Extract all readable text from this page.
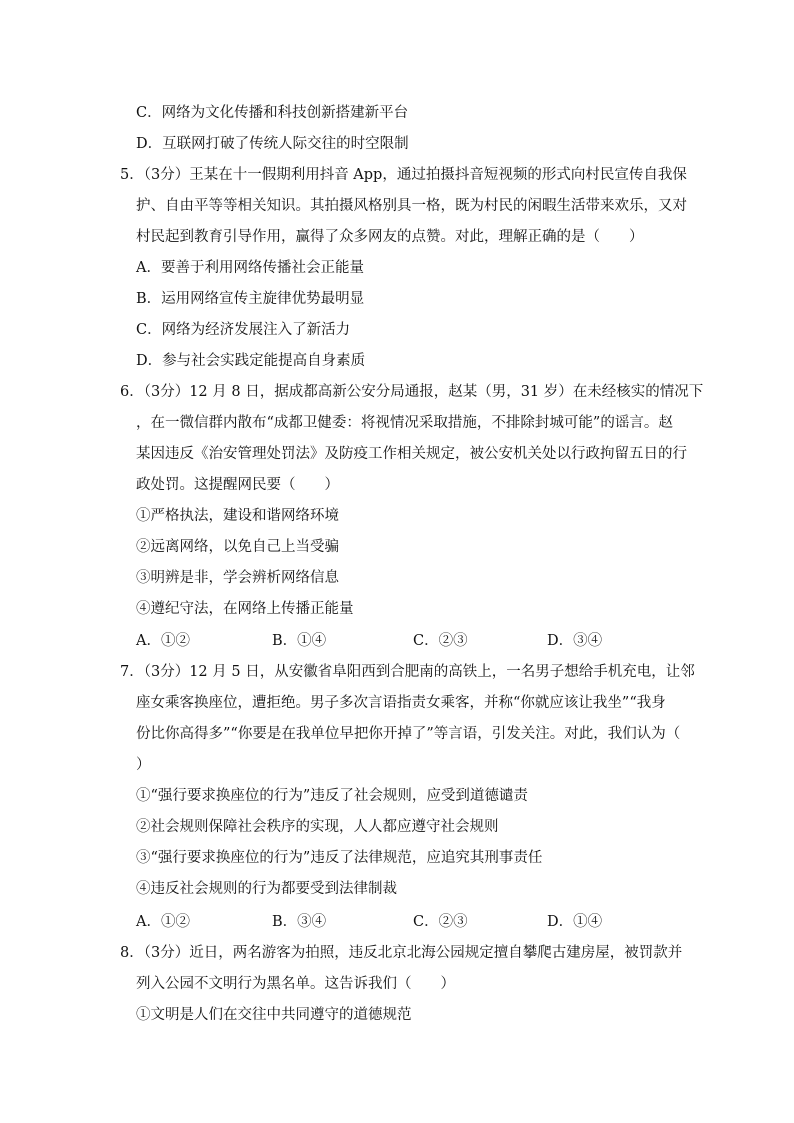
C．网络为文化传播和科技创新搭建新平台
D．互联网打破了传统人际交往的时空限制
5．（3分）王某在十一假期利用抖音 App，通过拍摄抖音短视频的形式向村民宣传自我保
护、自由平等等相关知识。其拍摄风格别具一格，既为村民的闲暇生活带来欢乐，又对
村民起到教育引导作用，赢得了众多网友的点赞。对此，理解正确的是（　　）
A．要善于利用网络传播社会正能量
B．运用网络宣传主旋律优势最明显
C．网络为经济发展注入了新活力
D．参与社会实践定能提高自身素质
6．（3分）12 月 8 日，据成都高新公安分局通报，赵某（男，31 岁）在未经核实的情况下
，在一微信群内散布“成都卫健委：将视情况采取措施，不排除封城可能”的谣言。赵
某因违反《治安管理处罚法》及防疫工作相关规定，被公安机关处以行政拘留五日的行
政处罚。这提醒网民要（　　）
①严格执法，建设和谐网络环境
②远离网络，以免自己上当受骗
③明辨是非，学会辨析网络信息
④遵纪守法，在网络上传播正能量
A．①②	B．①④	C．②③	D．③④
7．（3分）12 月 5 日，从安徽省阜阳西到合肥南的高铁上，一名男子想给手机充电，让邻
座女乘客换座位，遭拒绝。男子多次言语指责女乘客，并称“你就应该让我坐”“我身
份比你高得多”“你要是在我单位早把你开掉了”等言语，引发关注。对此，我们认为（
）
①“强行要求换座位的行为”违反了社会规则，应受到道德谴责
②社会规则保障社会秩序的实现，人人都应遵守社会规则
③“强行要求换座位的行为”违反了法律规范，应追究其刑事责任
④违反社会规则的行为都要受到法律制裁
A．①②	B．③④	C．②③	D．①④
8．（3分）近日，两名游客为拍照，违反北京北海公园规定擅自攀爬古建房屋，被罚款并
列入公园不文明行为黑名单。这告诉我们（　　）
①文明是人们在交往中共同遵守的道德规范
